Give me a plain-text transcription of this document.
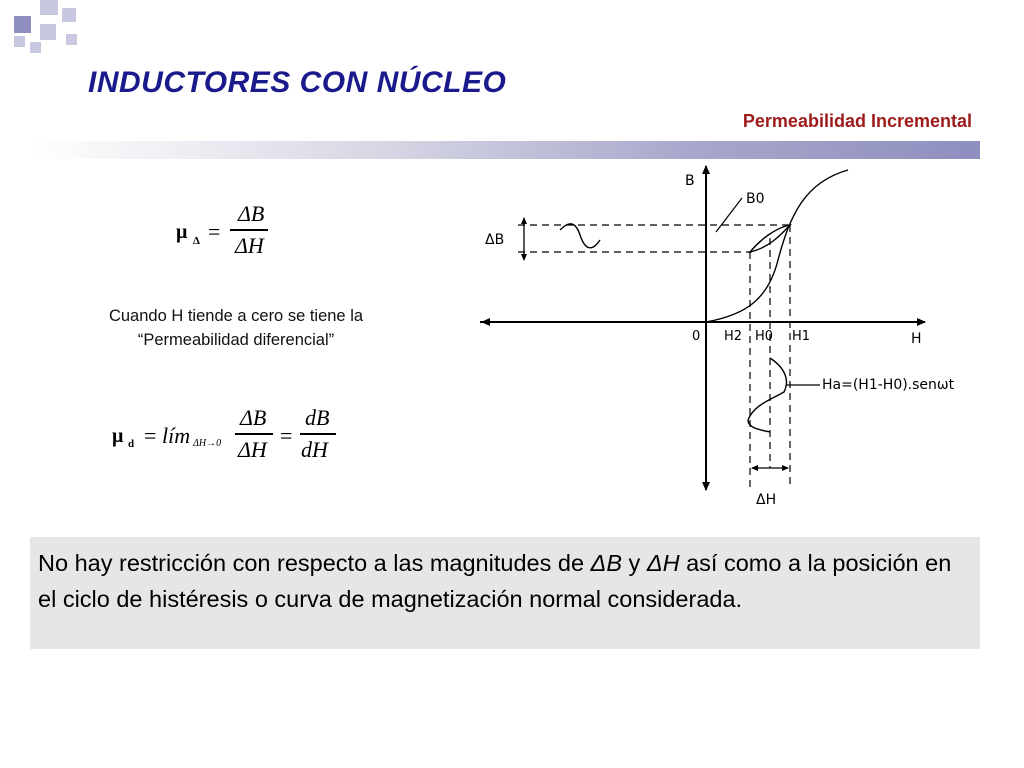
INDUCTORES CON NÚCLEO
Permeabilidad Incremental
μ Δ =
ΔB
ΔH
Cuando H tiende a cero se tiene la
“Permeabilidad diferencial”
μ d = lím ΔH→0
ΔB
ΔH
=
dB
dH
B
B0
ΔB
0 H2 H0 H1	H
Ha=(H1-H0).senωt
ΔH
No hay restricción con respecto a las magnitudes de ΔB y ΔH así como a la posición en el ciclo de histéresis o curva de magnetización normal considerada.
